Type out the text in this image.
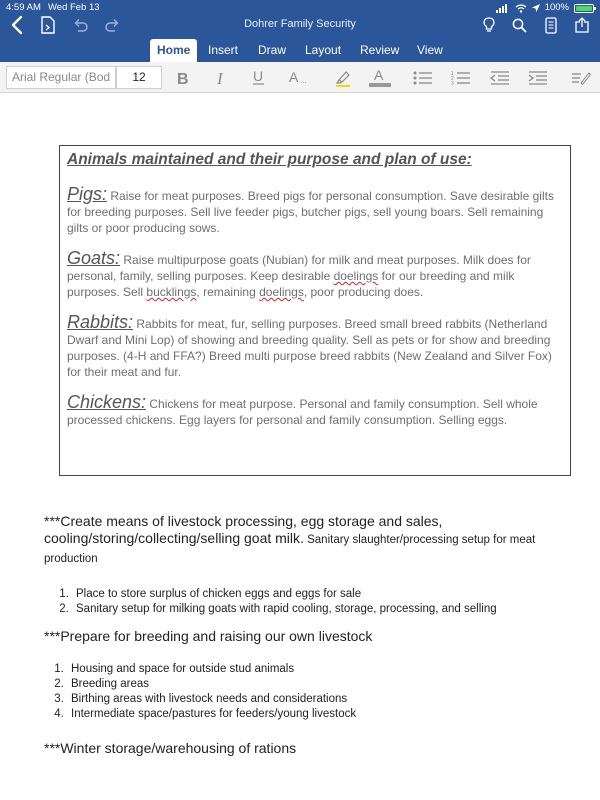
4:59 AM Wed Feb 13	100%
Dohrer Family Security
Home	Insert	Draw	Layout	Review	View
Arial Regular (Bod	12	B I U A ...	A	1
2
3
Animals maintained and their purpose and plan of use:

Pigs: Raise for meat purposes. Breed pigs for personal consumption. Save desirable gilts for breeding purposes. Sell live feeder pigs, butcher pigs, sell young boars. Sell remaining gilts or poor producing sows.

Goats: Raise multipurpose goats (Nubian) for milk and meat purposes. Milk does for personal, family, selling purposes. Keep desirable doelings for our breeding and milk purposes. Sell bucklings, remaining doelings, poor producing does.

Rabbits: Rabbits for meat, fur, selling purposes. Breed small breed rabbits (Netherland Dwarf and Mini Lop) of showing and breeding quality. Sell as pets or for show and breeding purposes. (4-H and FFA?) Breed multi purpose breed rabbits (New Zealand and Silver Fox) for their meat and fur.

Chickens: Chickens for meat purpose. Personal and family consumption. Sell whole processed chickens. Egg layers for personal and family consumption. Selling eggs.

***Create means of livestock processing, egg storage and sales, cooling/storing/collecting/selling goat milk. Sanitary slaughter/processing setup for meat production

1. Place to store surplus of chicken eggs and eggs for sale
2. Sanitary setup for milking goats with rapid cooling, storage, processing, and selling

***Prepare for breeding and raising our own livestock

1. Housing and space for outside stud animals
2. Breeding areas
3. Birthing areas with livestock needs and considerations
4. Intermediate space/pastures for feeders/young livestock

***Winter storage/warehousing of rations
